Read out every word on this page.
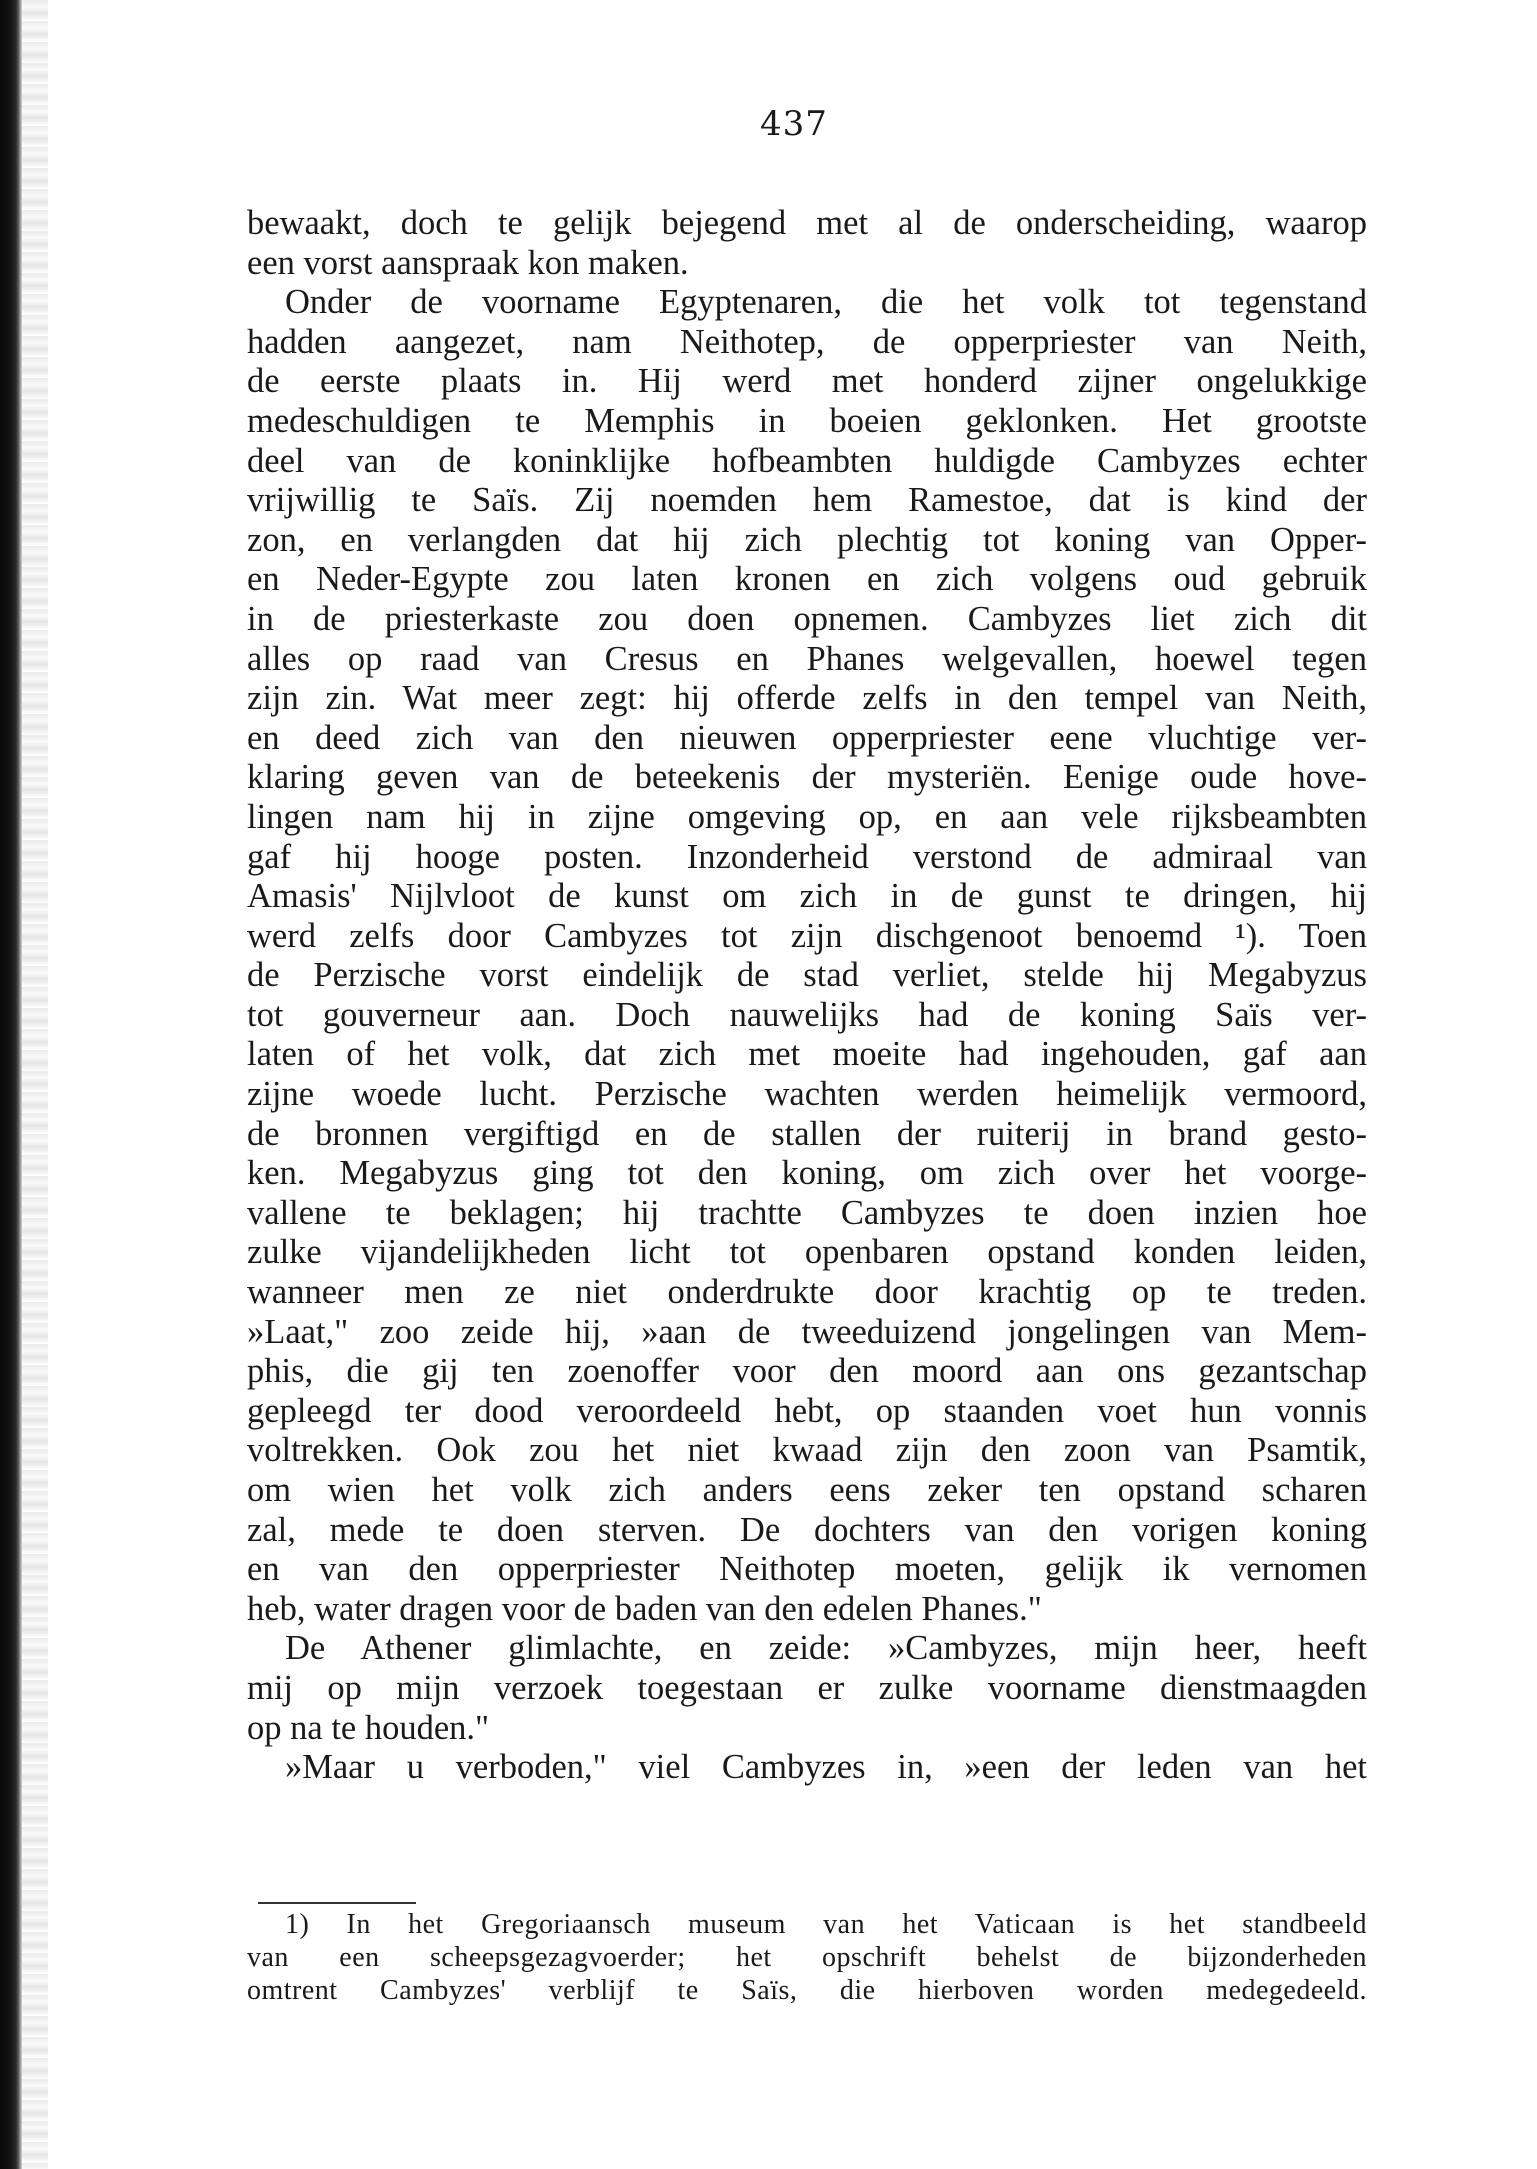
437
bewaakt, doch te gelijk bejegend met al de onderscheiding, waarop
een vorst aanspraak kon maken.
Onder de voorname Egyptenaren, die het volk tot tegenstand
hadden aangezet, nam Neithotep, de opperpriester van Neith,
de eerste plaats in. Hij werd met honderd zijner ongelukkige
medeschuldigen te Memphis in boeien geklonken. Het grootste
deel van de koninklijke hofbeambten huldigde Cambyzes echter
vrijwillig te Saïs. Zij noemden hem Ramestoe, dat is kind der
zon, en verlangden dat hij zich plechtig tot koning van Opper-
en Neder-Egypte zou laten kronen en zich volgens oud gebruik
in de priesterkaste zou doen opnemen. Cambyzes liet zich dit
alles op raad van Cresus en Phanes welgevallen, hoewel tegen
zijn zin. Wat meer zegt: hij offerde zelfs in den tempel van Neith,
en deed zich van den nieuwen opperpriester eene vluchtige ver-
klaring geven van de beteekenis der mysteriën. Eenige oude hove-
lingen nam hij in zijne omgeving op, en aan vele rijksbeambten
gaf hij hooge posten. Inzonderheid verstond de admiraal van
Amasis' Nijlvloot de kunst om zich in de gunst te dringen, hij
werd zelfs door Cambyzes tot zijn dischgenoot benoemd ¹). Toen
de Perzische vorst eindelijk de stad verliet, stelde hij Megabyzus
tot gouverneur aan. Doch nauwelijks had de koning Saïs ver-
laten of het volk, dat zich met moeite had ingehouden, gaf aan
zijne woede lucht. Perzische wachten werden heimelijk vermoord,
de bronnen vergiftigd en de stallen der ruiterij in brand gesto-
ken. Megabyzus ging tot den koning, om zich over het voorge-
vallene te beklagen; hij trachtte Cambyzes te doen inzien hoe
zulke vijandelijkheden licht tot openbaren opstand konden leiden,
wanneer men ze niet onderdrukte door krachtig op te treden.
»Laat," zoo zeide hij, »aan de tweeduizend jongelingen van Mem-
phis, die gij ten zoenoffer voor den moord aan ons gezantschap
gepleegd ter dood veroordeeld hebt, op staanden voet hun vonnis
voltrekken. Ook zou het niet kwaad zijn den zoon van Psamtik,
om wien het volk zich anders eens zeker ten opstand scharen
zal, mede te doen sterven. De dochters van den vorigen koning
en van den opperpriester Neithotep moeten, gelijk ik vernomen
heb, water dragen voor de baden van den edelen Phanes."
De Athener glimlachte, en zeide: »Cambyzes, mijn heer, heeft
mij op mijn verzoek toegestaan er zulke voorname dienstmaagden
op na te houden."
»Maar u verboden," viel Cambyzes in, »een der leden van het
1) In het Gregoriaansch museum van het Vaticaan is het standbeeld
van een scheepsgezagvoerder; het opschrift behelst de bijzonderheden
omtrent Cambyzes' verblijf te Saïs, die hierboven worden medegedeeld.
